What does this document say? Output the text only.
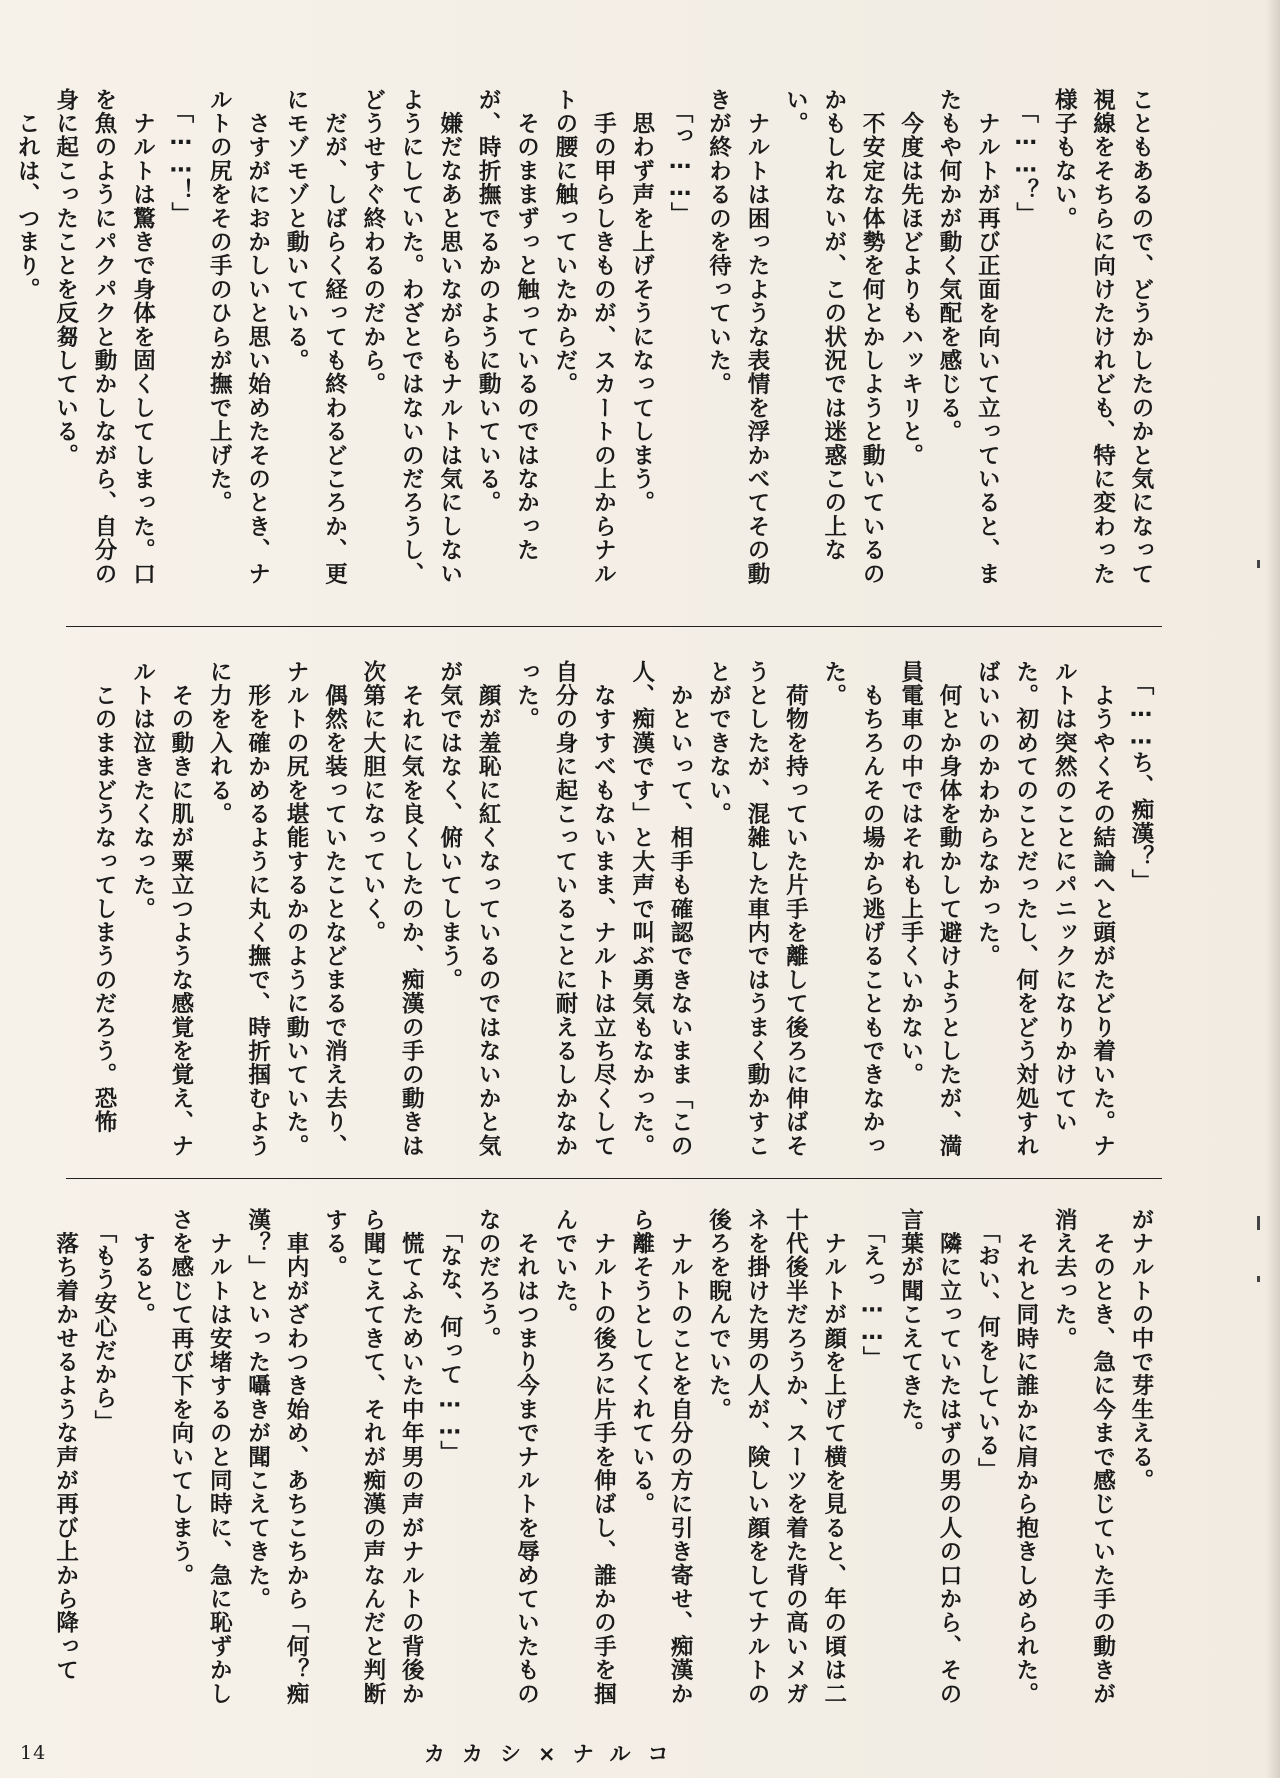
こともあるので、どうかしたのかと気になって視線をそちらに向けたけれども、特に変わった様子もない。
「……？」
ナルトが再び正面を向いて立っていると、またもや何かが動く気配を感じる。
今度は先ほどよりもハッキリと。
不安定な体勢を何とかしようと動いているのかもしれないが、この状況では迷惑この上ない。
ナルトは困ったような表情を浮かべてその動きが終わるのを待っていた。
「っ……」
思わず声を上げそうになってしまう。
手の甲らしきものが、スカートの上からナルトの腰に触っていたからだ。
そのままずっと触っているのではなかったが、時折撫でるかのように動いている。
嫌だなあと思いながらもナルトは気にしないようにしていた。わざとではないのだろうし、どうせすぐ終わるのだから。
だが、しばらく経っても終わるどころか、更にモゾモゾと動いている。
さすがにおかしいと思い始めたそのとき、ナルトの尻をその手のひらが撫で上げた。
「……！」
ナルトは驚きで身体を固くしてしまった。口を魚のようにパクパクと動かしながら、自分の身に起こったことを反芻している。
これは、つまり。
「……ち、痴漢？」
ようやくその結論へと頭がたどり着いた。ナルトは突然のことにパニックになりかけていた。初めてのことだったし、何をどう対処すればいいのかわからなかった。
何とか身体を動かして避けようとしたが、満員電車の中ではそれも上手くいかない。
もちろんその場から逃げることもできなかった。
荷物を持っていた片手を離して後ろに伸ばそうとしたが、混雑した車内ではうまく動かすことができない。
かといって、相手も確認できないまま「この人、痴漢です」と大声で叫ぶ勇気もなかった。
なすすべもないまま、ナルトは立ち尽くして自分の身に起こっていることに耐えるしかなかった。
顔が羞恥に紅くなっているのではないかと気が気ではなく、俯いてしまう。
それに気を良くしたのか、痴漢の手の動きは次第に大胆になっていく。
偶然を装っていたことなどまるで消え去り、ナルトの尻を堪能するかのように動いていた。
形を確かめるように丸く撫で、時折掴むように力を入れる。
その動きに肌が粟立つような感覚を覚え、ナルトは泣きたくなった。
このままどうなってしまうのだろう。恐怖
がナルトの中で芽生える。
そのとき、急に今まで感じていた手の動きが消え去った。
それと同時に誰かに肩から抱きしめられた。
「おい、何をしている」
隣に立っていたはずの男の人の口から、その言葉が聞こえてきた。
「えっ……」
ナルトが顔を上げて横を見ると、年の頃は二十代後半だろうか、スーツを着た背の高いメガネを掛けた男の人が、険しい顔をしてナルトの後ろを睨んでいた。
ナルトのことを自分の方に引き寄せ、痴漢から離そうとしてくれている。
ナルトの後ろに片手を伸ばし、誰かの手を掴んでいた。
それはつまり今までナルトを辱めていたものなのだろう。
「なな、何って……」
慌てふためいた中年男の声がナルトの背後から聞こえてきて、それが痴漢の声なんだと判断する。
車内がざわつき始め、あちこちから「何？痴漢？」といった囁きが聞こえてきた。
ナルトは安堵するのと同時に、急に恥ずかしさを感じて再び下を向いてしまう。
すると。
「もう安心だから」
落ち着かせるような声が再び上から降って
14	カカシ×ナルコ
